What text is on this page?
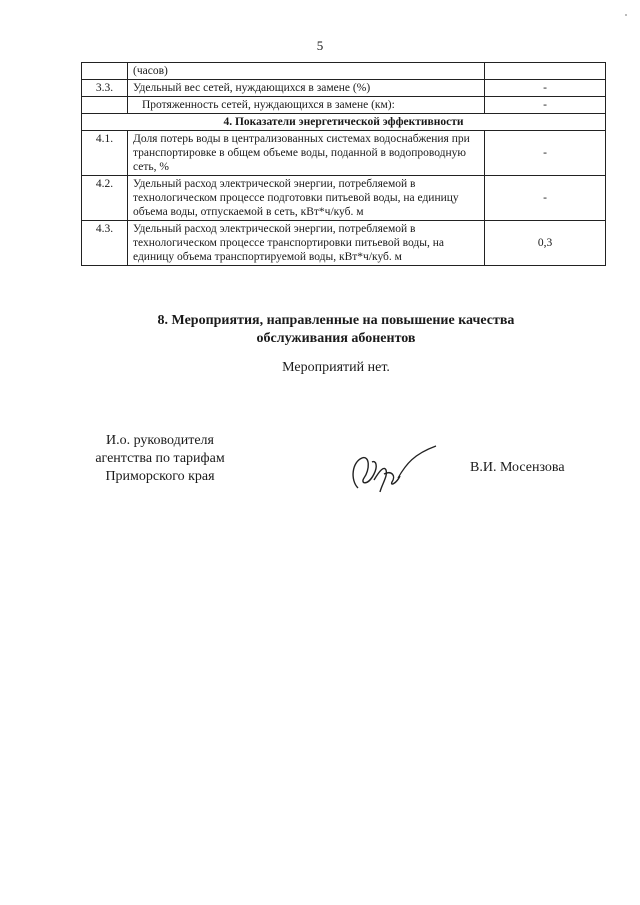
5
	(часов)	
3.3.	Удельный вес сетей, нуждающихся в замене (%)	-
	Протяженность сетей, нуждающихся в замене (км):	-
4. Показатели энергетической эффективности		
4.1.	Доля потерь воды в централизованных системах водоснабжения при транспортировке в общем объеме воды, поданной в водопроводную сеть, %	-
4.2.	Удельный расход электрической энергии, потребляемой в технологическом процессе подготовки питьевой воды, на единицу объема воды, отпускаемой в сеть, кВт*ч/куб. м	-
4.3.	Удельный расход электрической энергии, потребляемой в технологическом процессе транспортировки питьевой воды, на единицу объема транспортируемой воды, кВт*ч/куб. м	0,3
8. Мероприятия, направленные на повышение качества
обслуживания абонентов
Мероприятий нет.
И.о. руководителя
агентства по тарифам
Приморского края
В.И. Мосензова
